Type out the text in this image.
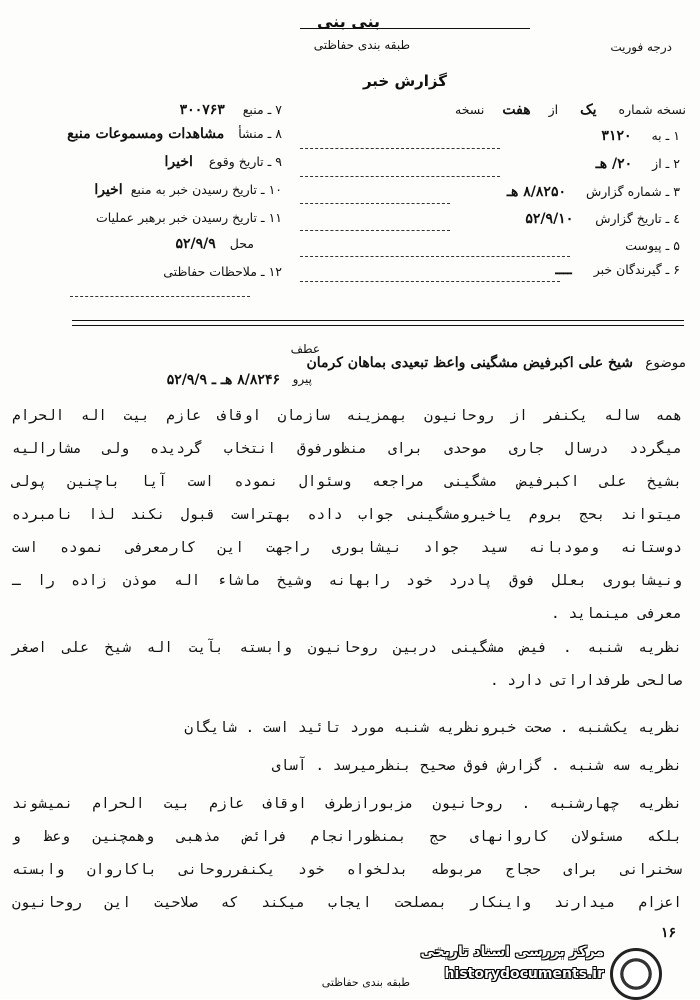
بنی بنی
طبقه بندی حفاظتی	درجه فوریت
گزارش خبر
نسخه شماره یک از هفت نسخه
۱ ـ به ۳۱۲۰
۲ ـ از ۲۰/ هـ
۳ ـ شماره گزارش ۸/۸۲۵۰ هـ
٤ ـ تاریخ گزارش ۵۲/۹/۱۰
۵ ـ پیوست
۶ ـ گیرندگان خبر ــــ
۷ ـ منبع ۳۰۰۷۶۳
۸ ـ منشأ مشاهدات ومسموعات منبع
۹ ـ تاریخ وقوع اخیرا
۱۰ ـ تاریخ رسیدن خبر به منبع اخیرا
۱۱ ـ تاریخ رسیدن خبر برهبر عملیات
محل ۵۲/۹/۹
۱۲ ـ ملاحظات حفاظتی
موضوع شیخ علی اکبرفیض مشگینی واعظ تبعیدی بماهان کرمان
عطف
پیرو
۸/۸۲۴۶ هـ ـ ۵۲/۹/۹
همه ساله یکنفر از روحانیون بهمزینه سازمان اوقاف عازم بیت اله الحرام
میگردد درسال جاری موحدی برای منظورفوق انتخاب گردیده ولی مشارالیه
بشیخ علی اکبرفیض مشگینی مراجعه وسئوال نموده است آیا باچنین پولی
میتواند بحج بروم یاخیرومشگینی جواب داده بهتراست قبول نکند لذا نامبرده
دوستانه ومودبانه سید جواد نیشابوری راجهت این کارمعرفی نموده است
ونیشابوری بعلل فوق پادرد خود رابهانه وشیخ ماشاء اله موذن زاده را ـ
معرفی مینماید .
نظریه شنبه . فیض مشگینی دربین روحانیون وابسته بآیت اله شیخ علی اصغر
صالحی طرفداراتی دارد .
نظریه یکشنبه . صحت خبرونظریه شنبه مورد تائید است . شایگان
نظریه سه شنبه . گزارش فوق صحیح بنظرمیرسد . آسای
نظریه چهارشنبه . روحانیون مزبورازطرف اوقاف عازم بیت الحرام نمیشوند
بلکه مسئولان کاروانهای حج بمنظورانجام فرائض مذهبی وهمچنین وعظ و
سخنرانی برای حجاج مربوطه بدلخواه خود یکنفرروحانی باکاروان وابسته
اعزام میدارند واینکار بمصلحت ایجاب میکند که صلاحیت این روحانیون
۱۶
طبقه بندی حفاظتی
مرکز بررسی اسناد تاریخی
historydocuments.ir
